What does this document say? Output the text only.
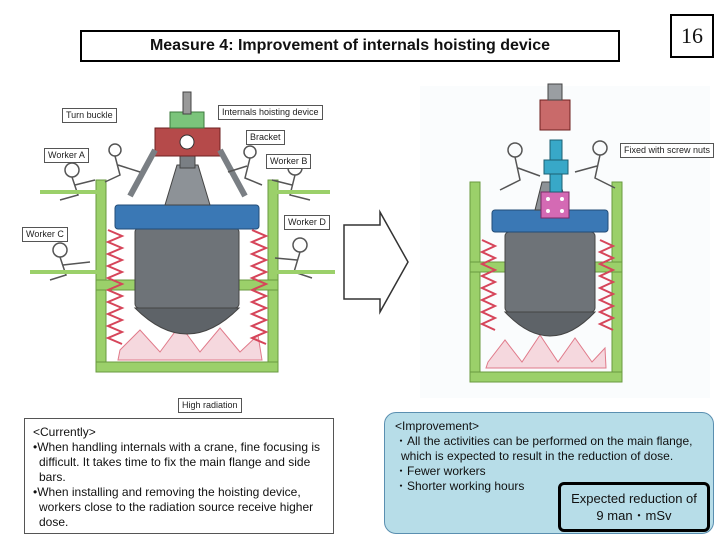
Measure 4: Improvement of internals hoisting device	16
Turn buckle	Internals hoisting device
Bracket
Worker A
Worker B
Worker C
Worker D
Fixed with screw nuts
High radiation
<Currently>
•When handling internals with a crane, fine focusing is
difficult. It takes time to fix the main flange and side
bars.
•When installing and removing the hoisting device,
workers close to the radiation source receive higher
dose.
<Improvement>
・All the activities can be performed on the main flange,
which is expected to result in the reduction of dose.
・Fewer workers
・Shorter working hours
Expected reduction of
9 man・mSv
